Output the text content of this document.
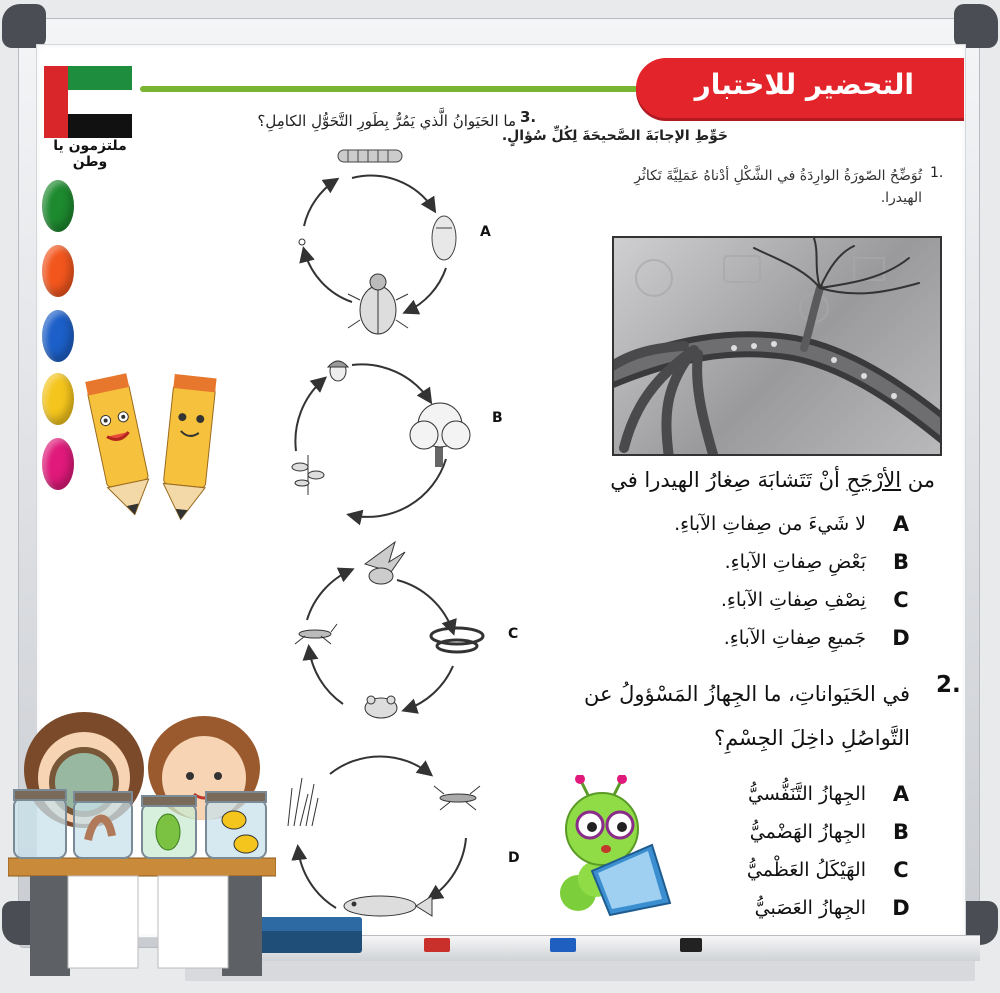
التحضير للاختبار
ملتزمون يا وطن
حَوِّطِ الإجابَةَ الصَّحيحَةَ لِكُلِّ سُؤالٍ.
1.
تُوَضِّحُ الصّورَةُ الوارِدَةُ في الشَّكْلِ أدْناهُ عَمَلِيَّةَ تَكاثُرِ الهيدرا.
من الأرْجَحِ أنْ تَتَشابَهَ صِغارُ الهيدرا في
A
لا شَيءَ من صِفاتِ الآباءِ.
B
بَعْضِ صِفاتِ الآباءِ.
C
نِصْفِ صِفاتِ الآباءِ.
D
جَميعِ صِفاتِ الآباءِ.
2.
في الحَيَواناتِ، ما الجِهازُ المَسْؤولُ عن التَّواصُلِ داخِلَ الجِسْمِ؟
A
الجِهازُ التَّنَفُّسيُّ
B
الجِهازُ الهَضْميُّ
C
الهَيْكَلُ العَظْميُّ
D
الجِهازُ العَصَبيُّ
3.
ما الحَيَوانُ الَّذي يَمُرُّ بِطَورِ التَّحَوُّلِ الكامِلِ؟
A
B
C
D
